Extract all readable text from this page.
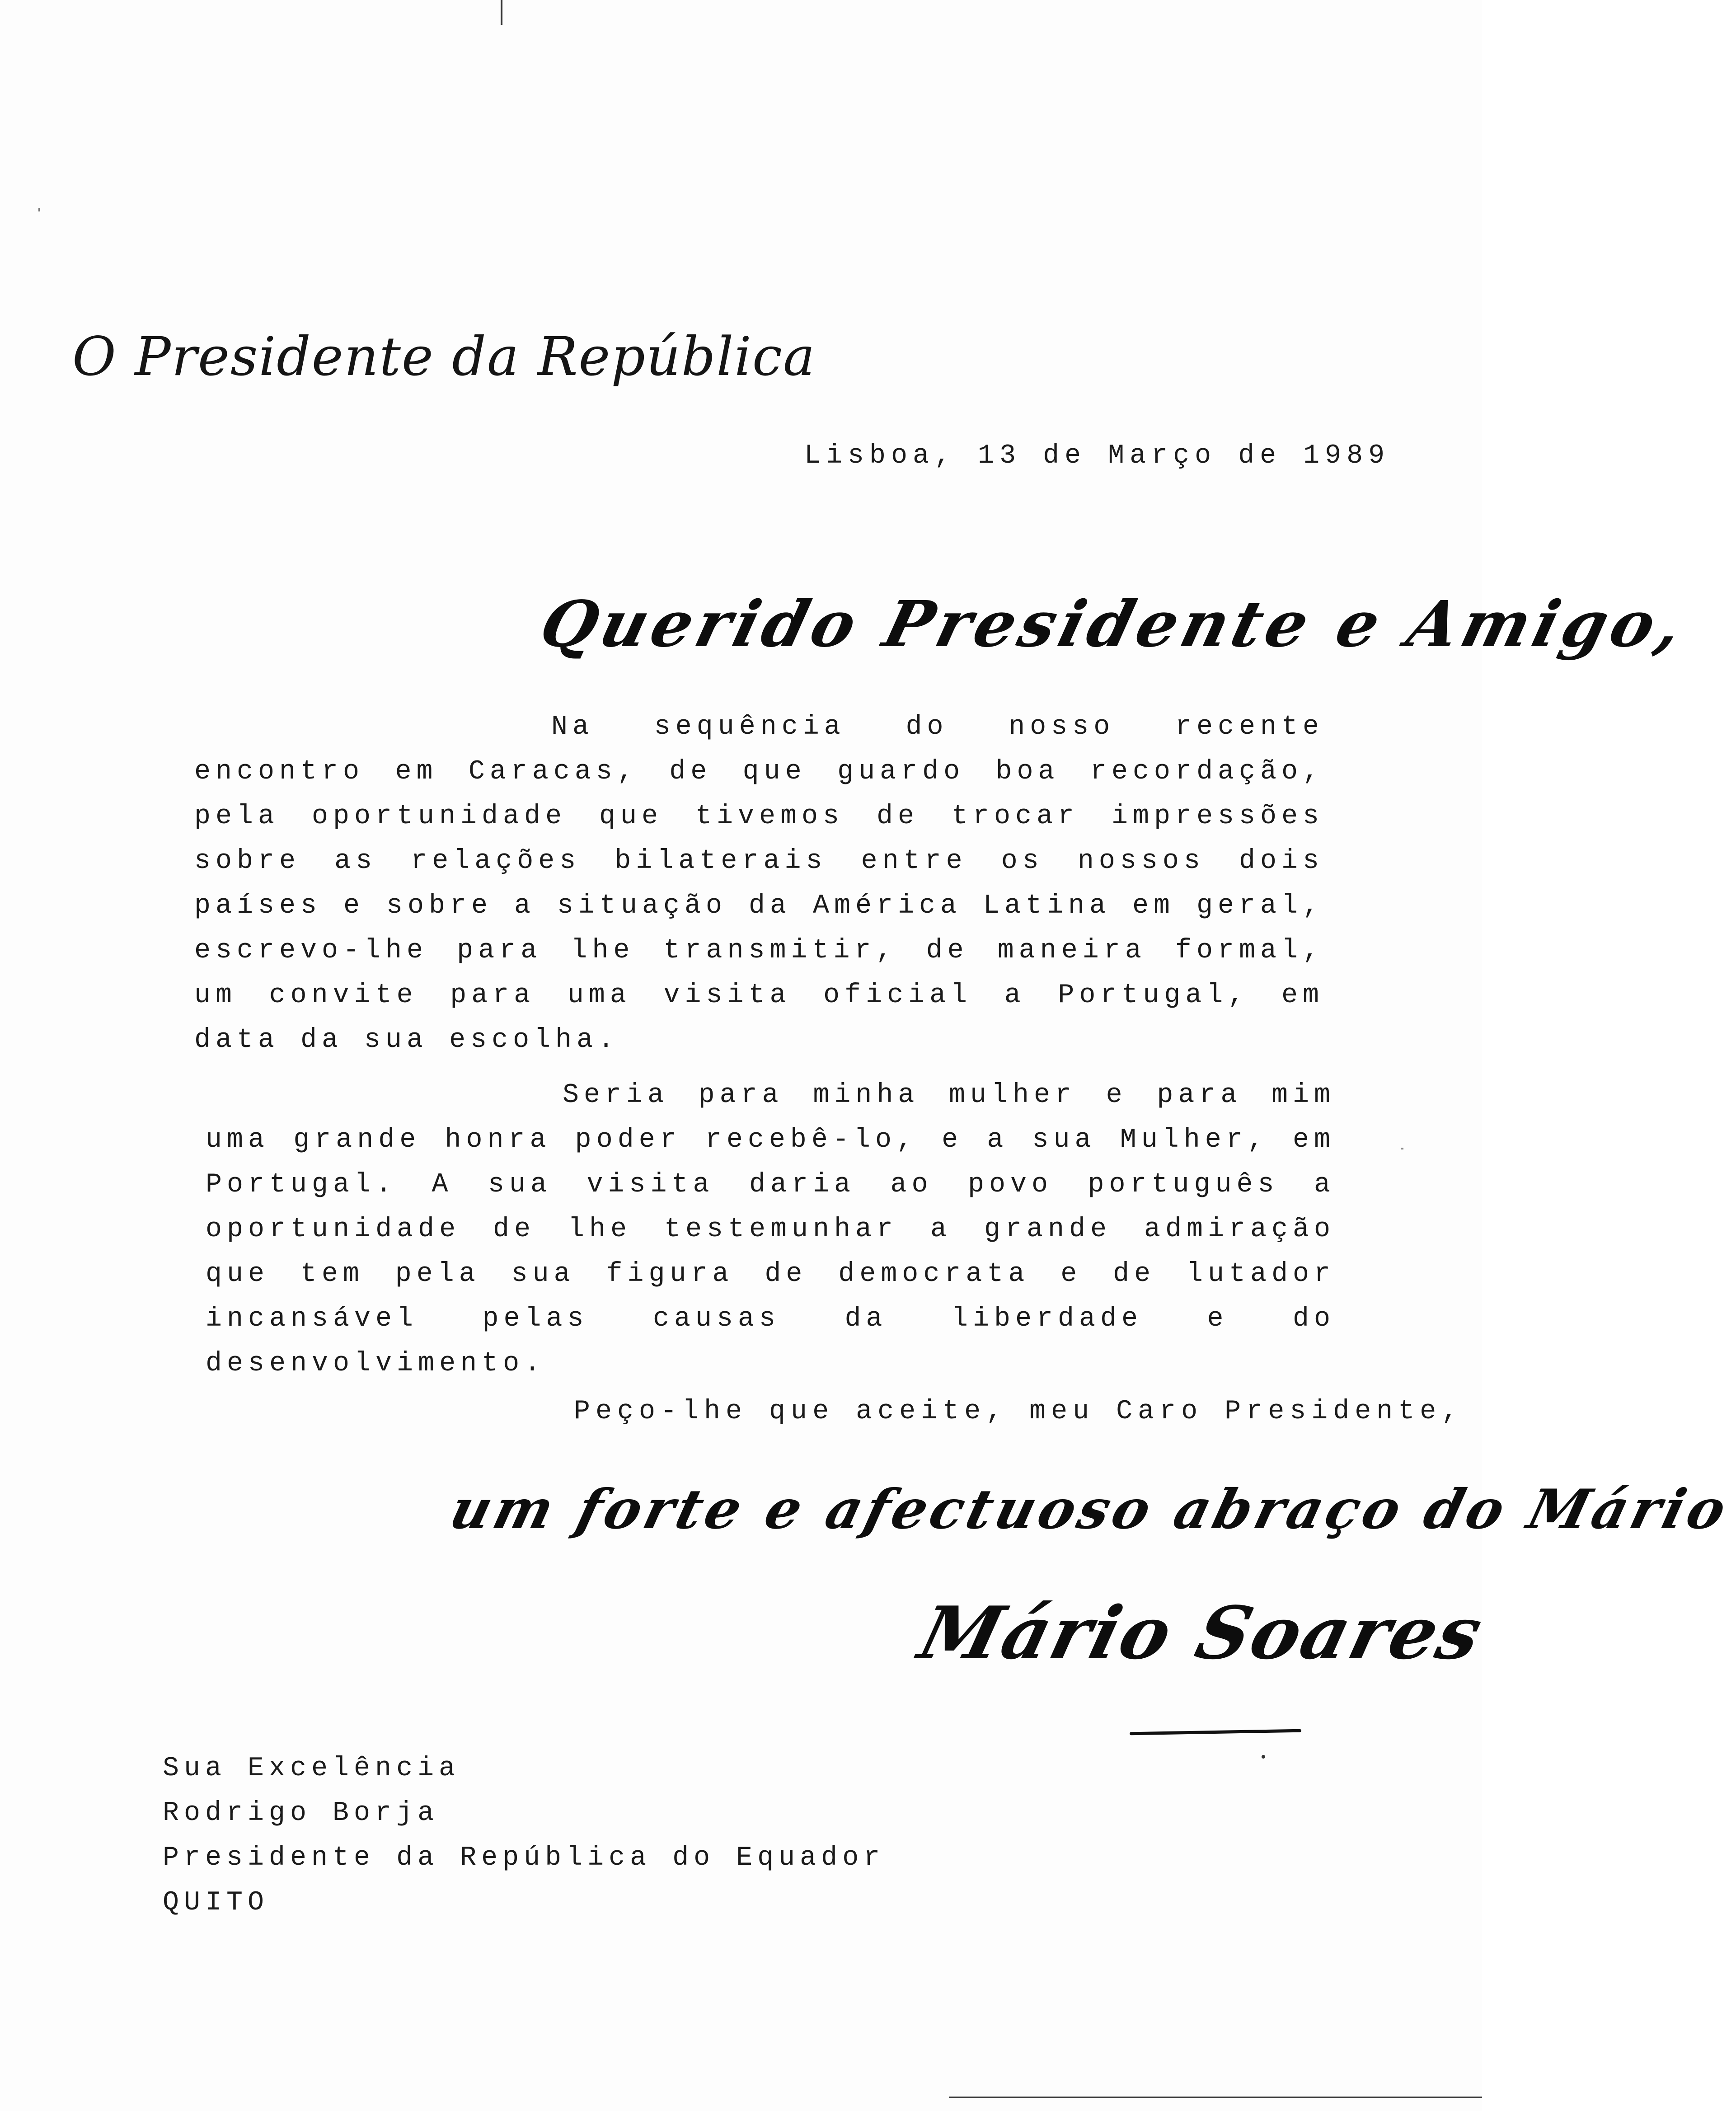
O Presidente da República
Lisboa, 13 de Março de 1989
Querido Presidente e Amigo,
Na sequência do nosso recente encontro em Caracas, de que guardo boa recordação, pela oportunidade que tivemos de trocar impressões sobre as relações bilaterais entre os nossos dois países e sobre a situação da América Latina em geral, escrevo-lhe para lhe transmitir, de maneira formal, um convite para uma visita oficial a Portugal, em data da sua escolha.
Seria para minha mulher e para mim uma grande honra poder recebê-lo, e a sua Mulher, em Portugal. A sua visita daria ao povo português a oportunidade de lhe testemunhar a grande admiração que tem pela sua figura de democrata e de lutador incansável pelas causas da liberdade e do desenvolvimento.
Peço-lhe que aceite, meu Caro Presidente,
um forte e afectuoso abraço do Mário
Mário Soares
Sua Excelência
Rodrigo Borja
Presidente da República do Equador
QUITO
